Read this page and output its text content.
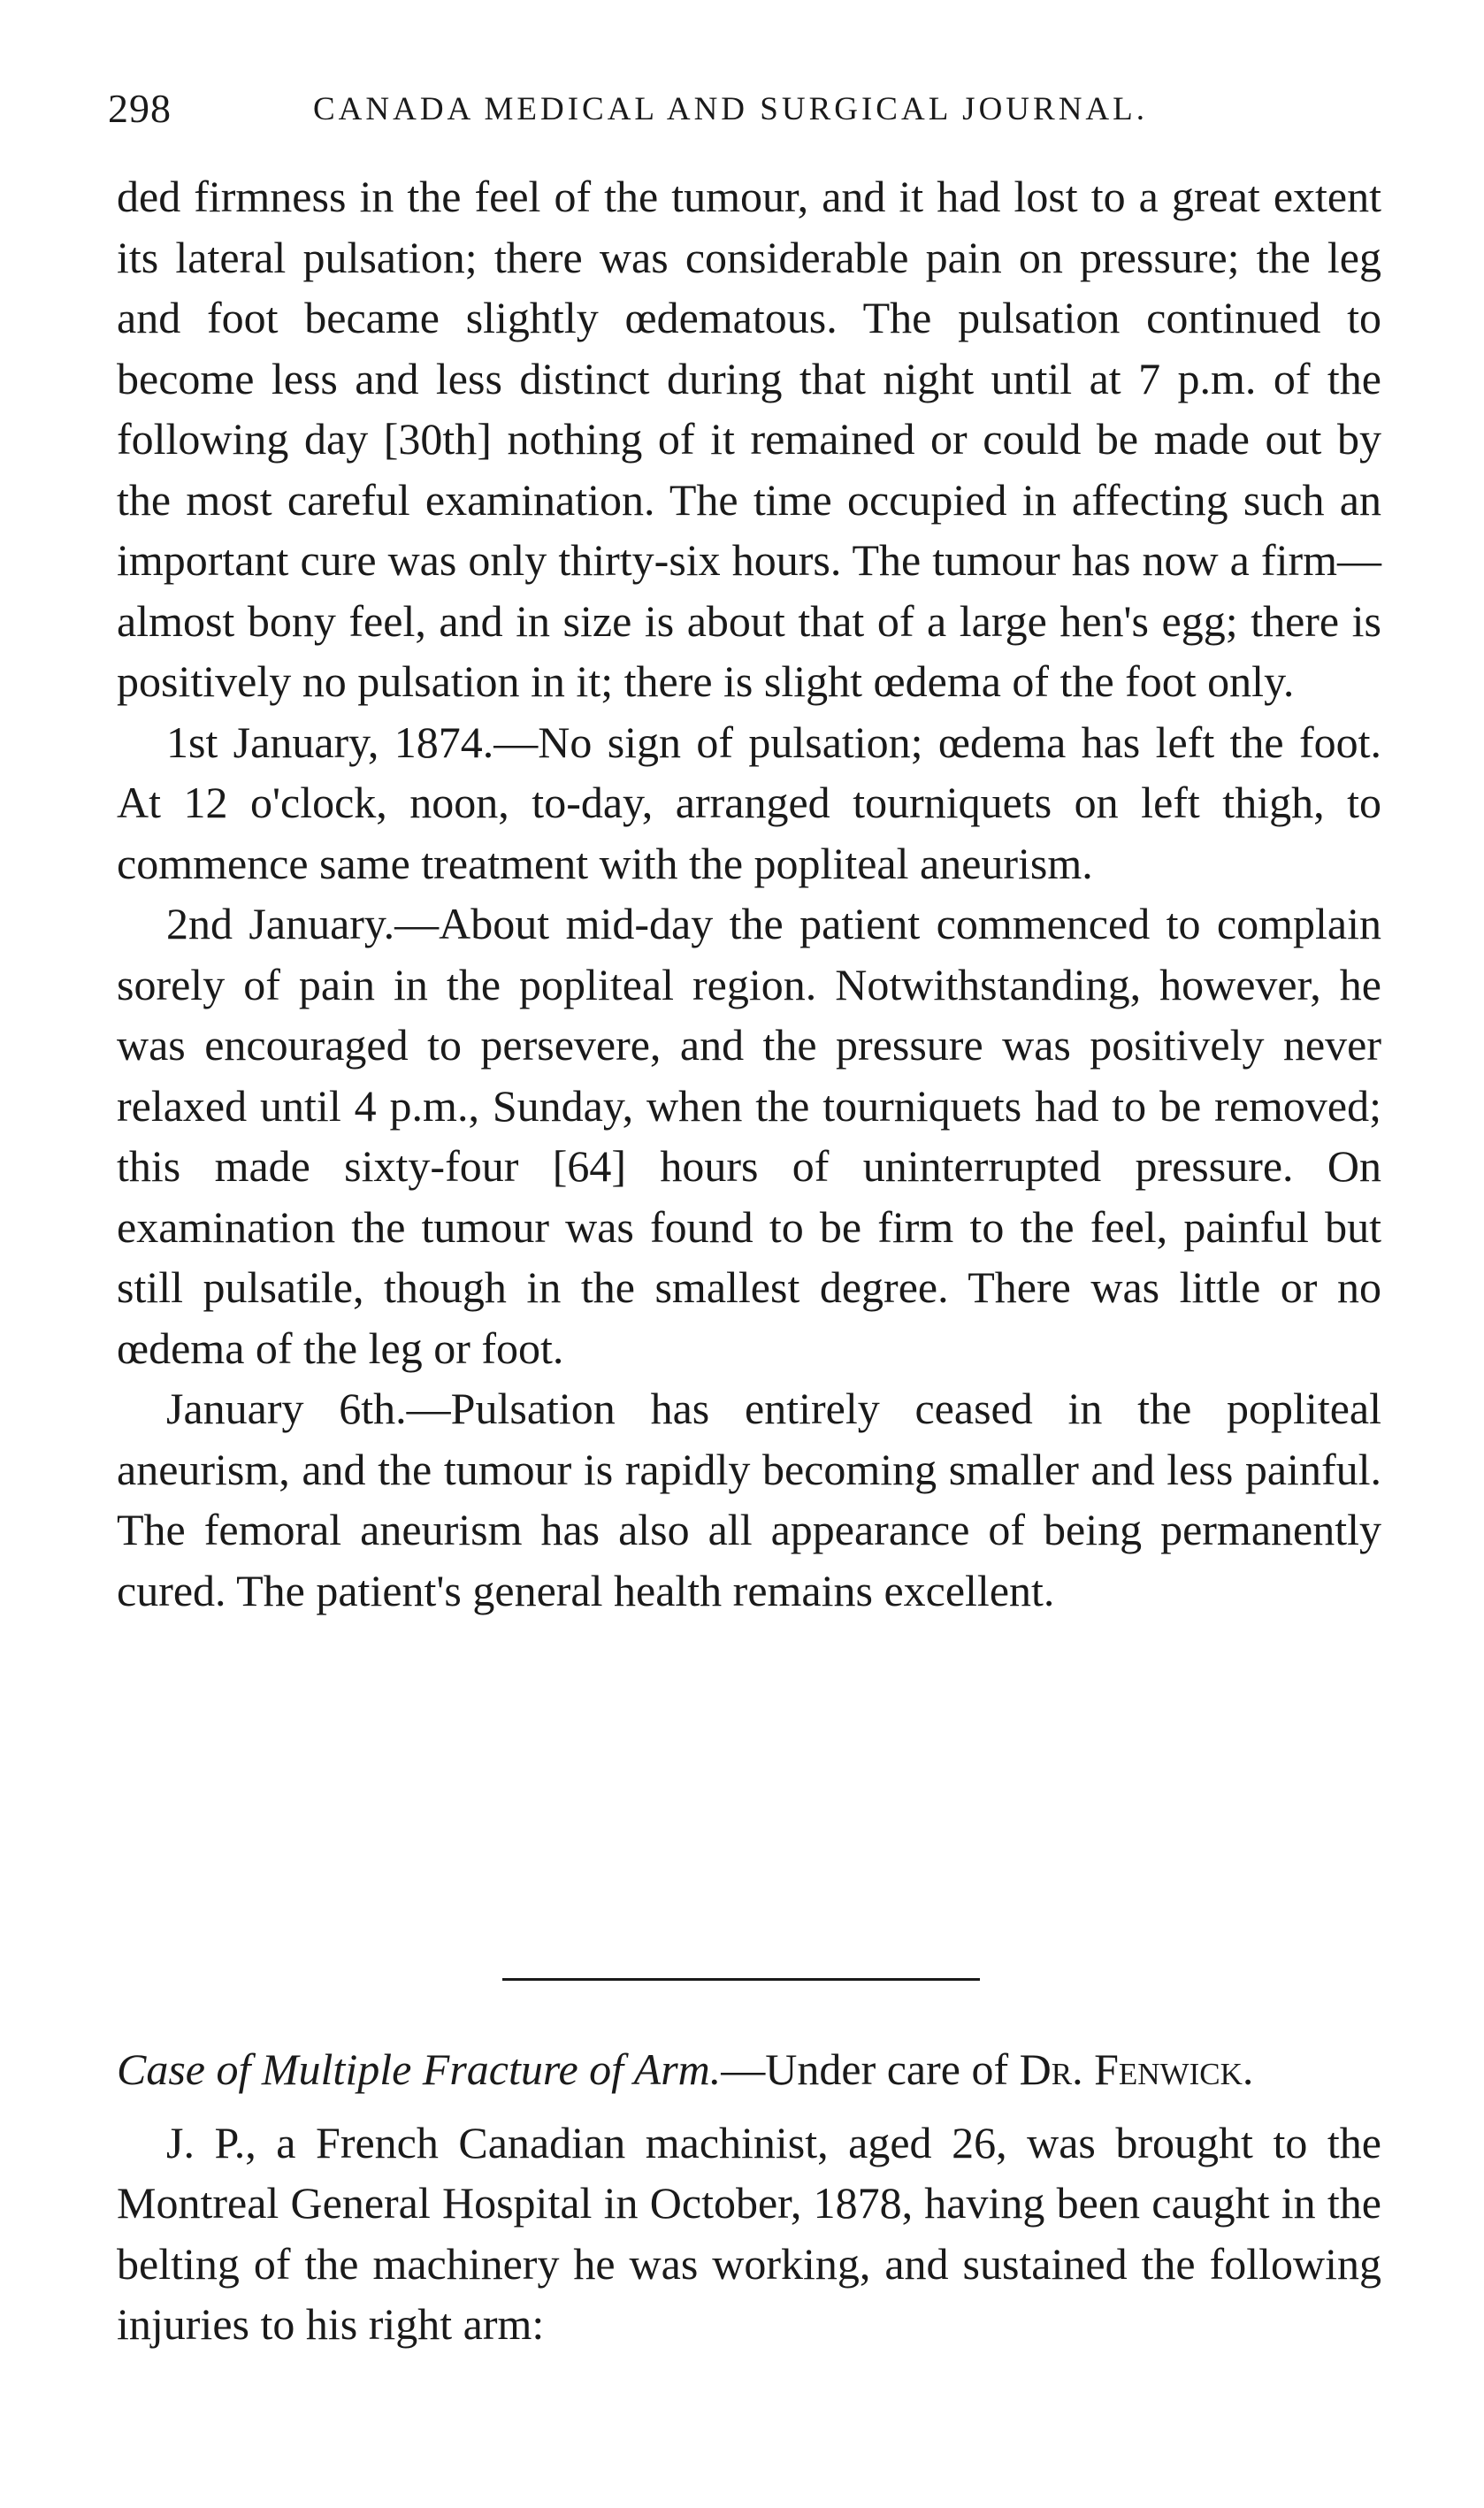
298	CANADA MEDICAL AND SURGICAL JOURNAL.

ded firmness in the feel of the tumour, and it had lost to a great extent its lateral pulsation; there was considerable pain on pressure; the leg and foot became slightly œdematous. The pulsation continued to become less and less distinct during that night until at 7 p.m. of the following day [30th] nothing of it remained or could be made out by the most careful examination. The time occupied in affecting such an important cure was only thirty-six hours. The tumour has now a firm—almost bony feel, and in size is about that of a large hen's egg; there is positively no pulsation in it; there is slight œdema of the foot only.

1st January, 1874.—No sign of pulsation; œdema has left the foot. At 12 o'clock, noon, to-day, arranged tourniquets on left thigh, to commence same treatment with the popliteal aneurism.

2nd January.—About mid-day the patient commenced to complain sorely of pain in the popliteal region. Notwithstanding, however, he was encouraged to persevere, and the pressure was positively never relaxed until 4 p.m., Sunday, when the tourniquets had to be removed; this made sixty-four [64] hours of uninterrupted pressure. On examination the tumour was found to be firm to the feel, painful but still pulsatile, though in the smallest degree. There was little or no œdema of the leg or foot.

January 6th.—Pulsation has entirely ceased in the popliteal aneurism, and the tumour is rapidly becoming smaller and less painful. The femoral aneurism has also all appearance of being permanently cured. The patient's general health remains excellent.

Case of Multiple Fracture of Arm.—Under care of Dr. Fenwick.

J. P., a French Canadian machinist, aged 26, was brought to the Montreal General Hospital in October, 1878, having been caught in the belting of the machinery he was working, and sustained the following injuries to his right arm:
